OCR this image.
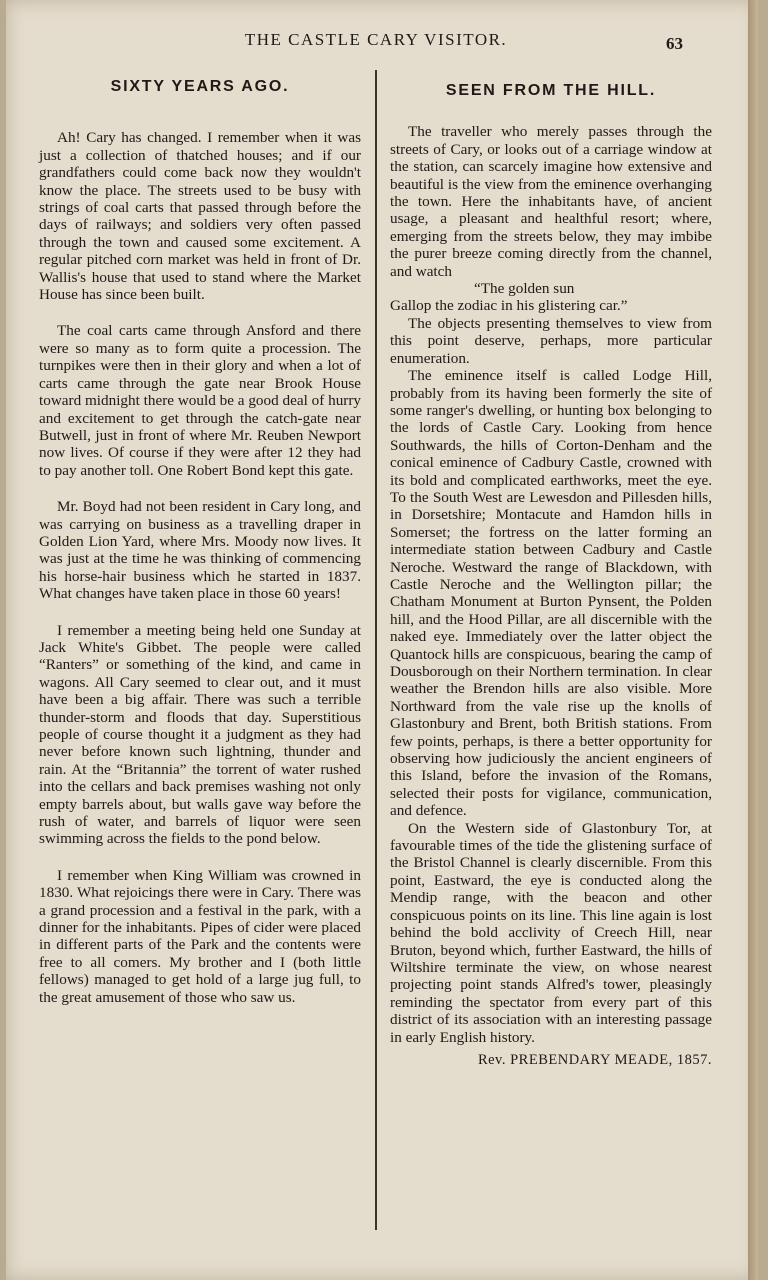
THE CASTLE CARY VISITOR.	63
SIXTY YEARS AGO.

Ah! Cary has changed. I remember when it was just a collection of thatched houses; and if our grandfathers could come back now they wouldn't know the place. The streets used to be busy with strings of coal carts that passed through before the days of railways; and soldiers very often passed through the town and caused some excitement. A regular pitched corn market was held in front of Dr. Wallis's house that used to stand where the Market House has since been built.

The coal carts came through Ansford and there were so many as to form quite a procession. The turnpikes were then in their glory and when a lot of carts came through the gate near Brook House toward midnight there would be a good deal of hurry and excitement to get through the catch-gate near Butwell, just in front of where Mr. Reuben Newport now lives. Of course if they were after 12 they had to pay another toll. One Robert Bond kept this gate.

Mr. Boyd had not been resident in Cary long, and was carrying on business as a travelling draper in Golden Lion Yard, where Mrs. Moody now lives. It was just at the time he was thinking of commencing his horse-hair business which he started in 1837. What changes have taken place in those 60 years!

I remember a meeting being held one Sunday at Jack White's Gibbet. The people were called “Ranters” or something of the kind, and came in wagons. All Cary seemed to clear out, and it must have been a big affair. There was such a terrible thunder-storm and floods that day. Superstitious people of course thought it a judgment as they had never before known such lightning, thunder and rain. At the “Britannia” the torrent of water rushed into the cellars and back premises washing not only empty barrels about, but walls gave way before the rush of water, and barrels of liquor were seen swimming across the fields to the pond below.

I remember when King William was crowned in 1830. What rejoicings there were in Cary. There was a grand procession and a festival in the park, with a dinner for the inhabitants. Pipes of cider were placed in different parts of the Park and the contents were free to all comers. My brother and I (both little fellows) managed to get hold of a large jug full, to the great amusement of those who saw us.

SEEN FROM THE HILL.

The traveller who merely passes through the streets of Cary, or looks out of a carriage window at the station, can scarcely imagine how extensive and beautiful is the view from the eminence overhanging the town. Here the inhabitants have, of ancient usage, a pleasant and healthful resort; where, emerging from the streets below, they may imbibe the purer breeze coming directly from the channel, and watch

“The golden sun

Gallop the zodiac in his glistering car.”

The objects presenting themselves to view from this point deserve, perhaps, more particular enumeration.

The eminence itself is called Lodge Hill, probably from its having been formerly the site of some ranger's dwelling, or hunting box belonging to the lords of Castle Cary. Looking from hence Southwards, the hills of Corton-Denham and the conical eminence of Cadbury Castle, crowned with its bold and complicated earthworks, meet the eye. To the South West are Lewesdon and Pillesden hills, in Dorsetshire; Montacute and Hamdon hills in Somerset; the fortress on the latter forming an intermediate station between Cadbury and Castle Neroche. Westward the range of Blackdown, with Castle Neroche and the Wellington pillar; the Chatham Monument at Burton Pynsent, the Polden hill, and the Hood Pillar, are all discernible with the naked eye. Immediately over the latter object the Quantock hills are conspicuous, bearing the camp of Dousborough on their Northern termination. In clear weather the Brendon hills are also visible. More Northward from the vale rise up the knolls of Glastonbury and Brent, both British stations. From few points, perhaps, is there a better opportunity for observing how judiciously the ancient engineers of this Island, before the invasion of the Romans, selected their posts for vigilance, communication, and defence.

On the Western side of Glastonbury Tor, at favourable times of the tide the glistening surface of the Bristol Channel is clearly discernible. From this point, Eastward, the eye is conducted along the Mendip range, with the beacon and other conspicuous points on its line. This line again is lost behind the bold acclivity of Creech Hill, near Bruton, beyond which, further Eastward, the hills of Wiltshire terminate the view, on whose nearest projecting point stands Alfred's tower, pleasingly reminding the spectator from every part of this district of its association with an interesting passage in early English history.

Rev. PREBENDARY MEADE, 1857.
